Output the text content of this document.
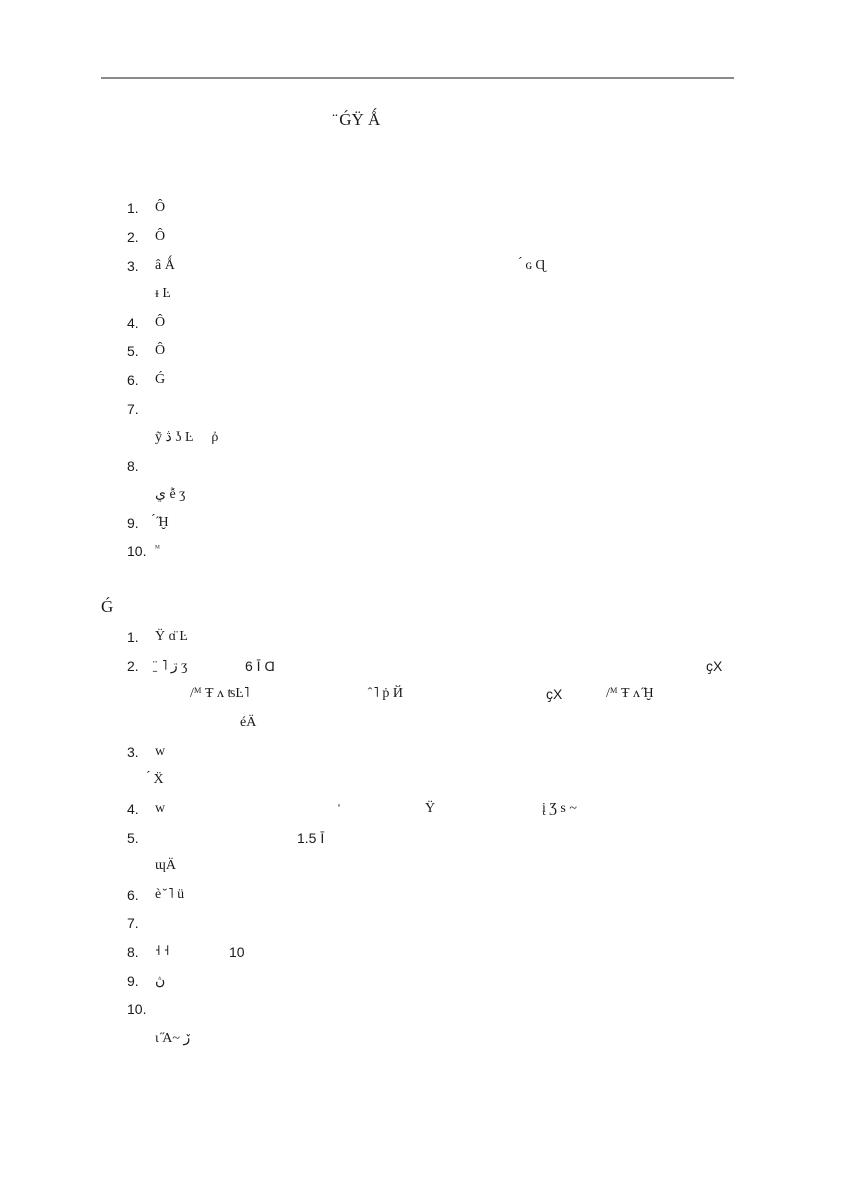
̈ ǴŸ͏ Ǻ
1. Ô
2. Ô
3. â Ǻ	́ ɢ Ɋ
ᵻ Ŀ
4. Ô
5. Ô
6. Ǵ
7.
ỹ ڎ ʖ Ŀ ⃞ ῤ
8.
ي ễ ʒ
9. ́ ̋Ḫ
10. ᴹ
Ǵ
1. Ÿ͏ ɑ̈ Ŀ
2. ̱ ̈ ˥ ڗ ʒ	6 Ī Ɑ	ҫX
/ᴹ Ŧ ʌ ʦĿ˥	̂ ˥ ṗ Й	ҫX	/ᴹ Ŧ ʌ ̋Ḫ
éÄ
3. w
́ Ẍ
4. w	ᵉ	Ÿ	į Ʒ s ~
5.	1.5 Ī
ɰÄ
6. è ̆ ˥ ü
7.
8. ˧ ˧	10
9. ڽ
10.
ι ̋A~ ڒ
